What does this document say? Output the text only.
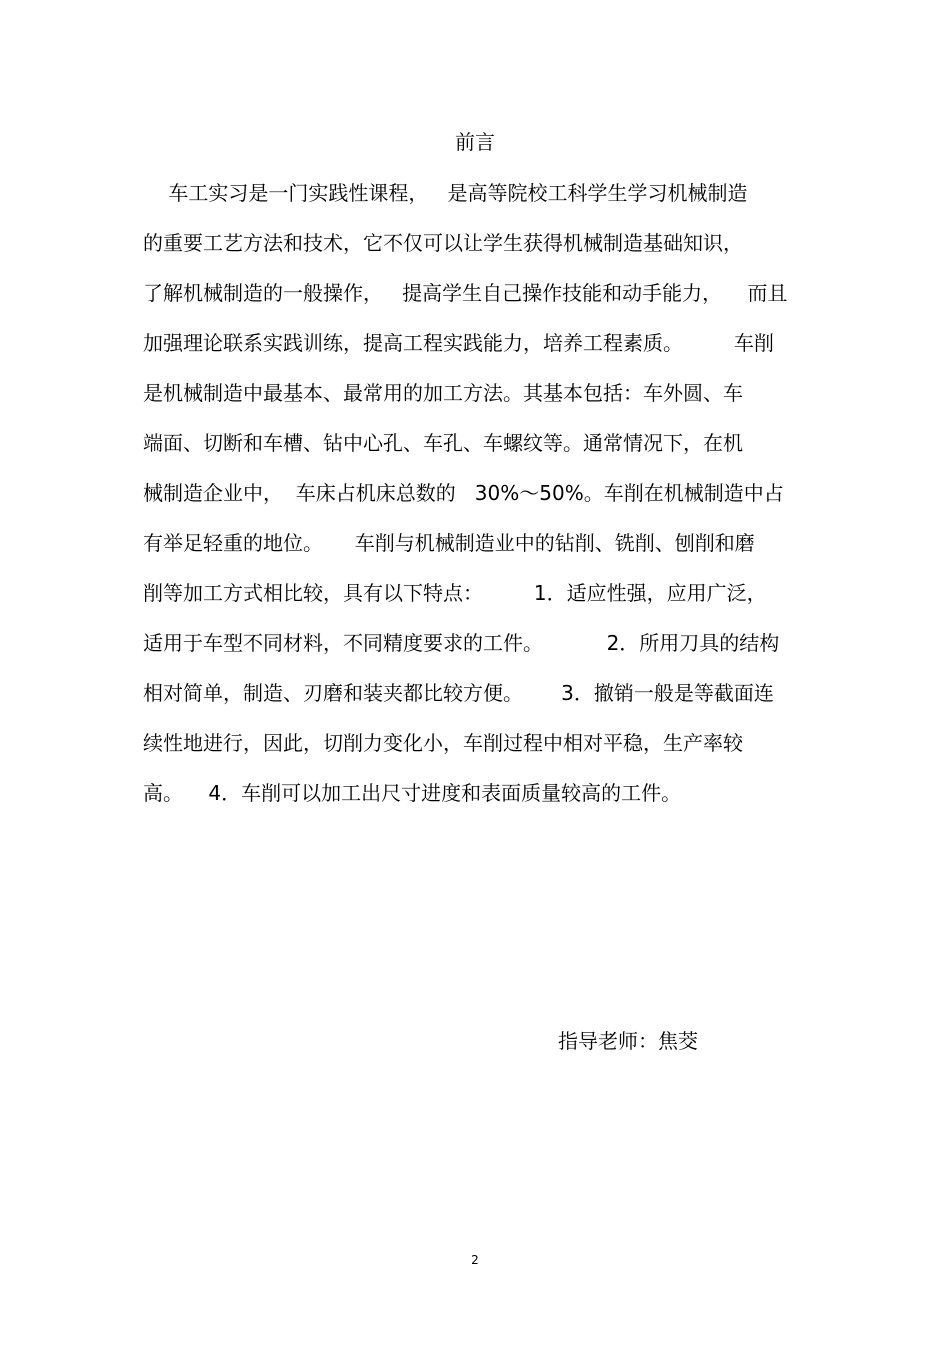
前言
车工实习是一门实践性课程，   是高等院校工科学生学习机械制造
的重要工艺方法和技术，它不仅可以让学生获得机械制造基础知识，
了解机械制造的一般操作，   提高学生自己操作技能和动手能力，    而且
加强理论联系实践训练，提高工程实践能力，培养工程素质。        车削
是机械制造中最基本、最常用的加工方法。其基本包括：车外圆、车
端面、切断和车槽、钻中心孔、车孔、车螺纹等。通常情况下，在机
械制造企业中，  车床占机床总数的   30%～50%。车削在机械制造中占
有举足轻重的地位。     车削与机械制造业中的钻削、铣削、刨削和磨
削等加工方式相比较，具有以下特点：        1．适应性强，应用广泛，
适用于车型不同材料，不同精度要求的工件。          2．所用刀具的结构
相对简单，制造、刃磨和装夹都比较方便。      3．撤销一般是等截面连
续性地进行，因此，切削力变化小，车削过程中相对平稳，生产率较
高。    4．车削可以加工出尺寸进度和表面质量较高的工件。
指导老师：焦茭
2
